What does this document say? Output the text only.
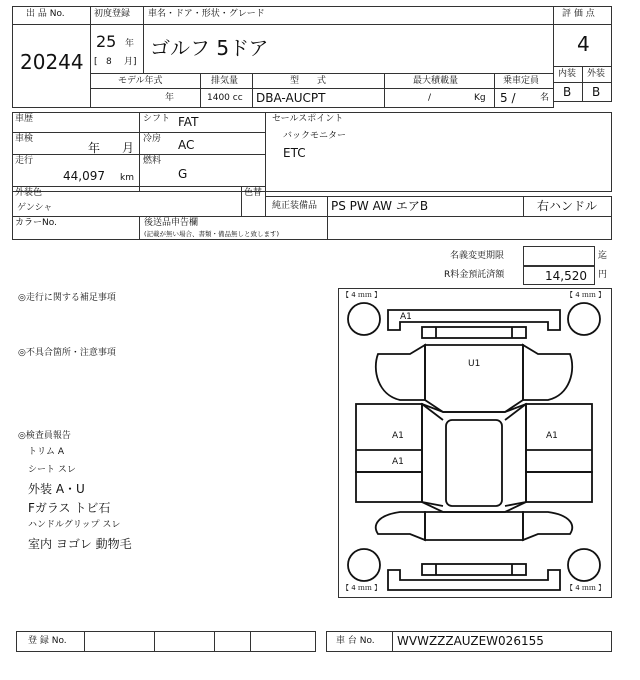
出 品 No.
20244
初度登録
25 年
[ 8 月]
車名・ドア・形状・グレード
ゴルフ 5ドア
評 価 点
4
内装 外装
B B
モデル年式
年
排気量
1400 cc
型　　式
DBA-AUCPT
最大積載量
/	Kg
乗車定員
5 /	名
車歴	シフト FAT
車検
年 月
冷房 AC
走行
44,097 km
燃料
G
セールスポイント
バックモニター
ETC
外装色
ゲンシャ
色替
純正装備品 PS PW AW エアB	右ハンドル
カラーNo.	後送品申告欄
(記載が無い場合、書類・備品無しと致します)
名義変更期限	迄
R料金預託済額	14,520 円
◎走行に関する補足事項
◎不具合箇所・注意事項
◎検査員報告
トリム A
シート スレ
外装 A・U
Fガラス トビ石
ハンドルグリップ スレ
室内 ヨゴレ 動物毛
【 4 ｍｍ 】	【 4 ｍｍ 】
【 4 ｍｍ 】	【 4 ｍｍ 】
A1
U1
A1
A1
A1
登 録 No.	車 台 No. WVWZZZAUZEW026155
